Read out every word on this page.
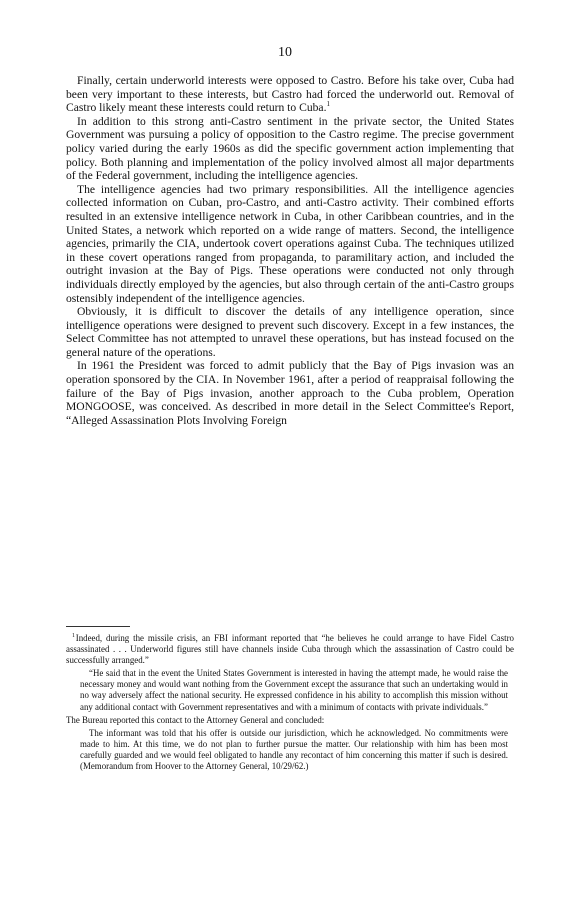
10

Finally, certain underworld interests were opposed to Castro. Before his take over, Cuba had been very important to these interests, but Castro had forced the underworld out. Removal of Castro likely meant these interests could return to Cuba.$^1$

In addition to this strong anti-Castro sentiment in the private sector, the United States Government was pursuing a policy of opposition to the Castro regime. The precise government policy varied during the early 1960s as did the specific government action implementing that policy. Both planning and implementation of the policy involved almost all major departments of the Federal government, including the intelligence agencies.

The intelligence agencies had two primary responsibilities. All the intelligence agencies collected information on Cuban, pro-Castro, and anti-Castro activity. Their combined efforts resulted in an extensive intelligence network in Cuba, in other Caribbean countries, and in the United States, a network which reported on a wide range of matters. Second, the intelligence agencies, primarily the CIA, undertook covert operations against Cuba. The techniques utilized in these covert operations ranged from propaganda, to paramilitary action, and included the outright invasion at the Bay of Pigs. These operations were conducted not only through individuals directly employed by the agencies, but also through certain of the anti-Castro groups ostensibly independent of the intelligence agencies.

Obviously, it is difficult to discover the details of any intelligence operation, since intelligence operations were designed to prevent such discovery. Except in a few instances, the Select Committee has not attempted to unravel these operations, but has instead focused on the general nature of the operations.

In 1961 the President was forced to admit publicly that the Bay of Pigs invasion was an operation sponsored by the CIA. In November 1961, after a period of reappraisal following the failure of the Bay of Pigs invasion, another approach to the Cuba problem, Operation MONGOOSE, was conceived. As described in more detail in the Select Committee's Report, “Alleged Assassination Plots Involving Foreign

$^1$ Indeed, during the missile crisis, an FBI informant reported that “he believes he could arrange to have Fidel Castro assassinated . . . Underworld figures still have channels inside Cuba through which the assassination of Castro could be successfully arranged.”

“He said that in the event the United States Government is interested in having the attempt made, he would raise the necessary money and would want nothing from the Government except the assurance that such an undertaking would in no way adversely affect the national security. He expressed confidence in his ability to accomplish this mission without any additional contact with Government representatives and with a minimum of contacts with private individuals.”

The Bureau reported this contact to the Attorney General and concluded:

The informant was told that his offer is outside our jurisdiction, which he acknowledged. No commitments were made to him. At this time, we do not plan to further pursue the matter. Our relationship with him has been most carefully guarded and we would feel obligated to handle any recontact of him concerning this matter if such is desired. (Memorandum from Hoover to the Attorney General, 10/29/62.)
